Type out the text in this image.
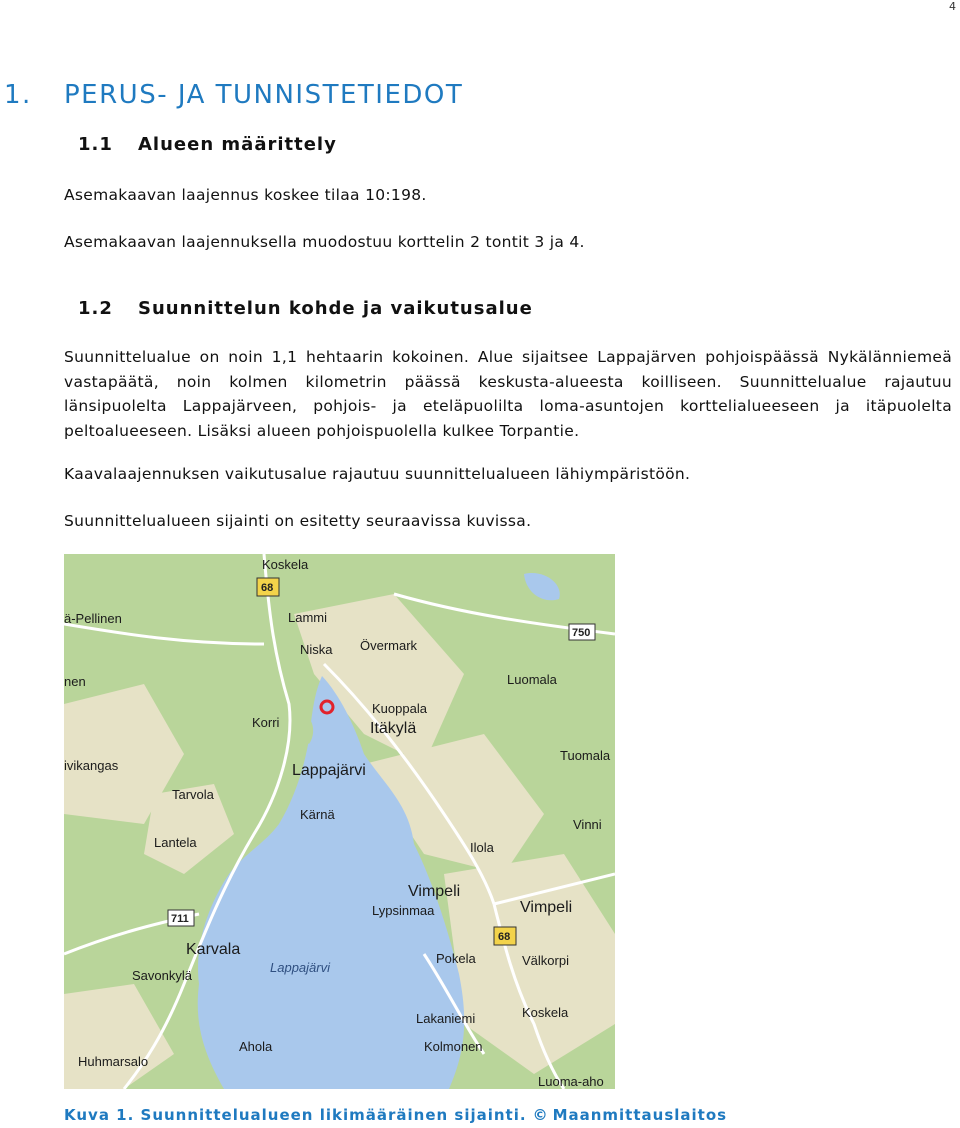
4
1. PERUS- JA TUNNISTETIEDOT
1.1 Alueen määrittely

Asemakaavan laajennus koskee tilaa 10:198.

Asemakaavan laajennuksella muodostuu korttelin 2 tontit 3 ja 4.

1.2 Suunnittelun kohde ja vaikutusalue

Suunnittelualue on noin 1,1 hehtaarin kokoinen. Alue sijaitsee Lappajärven pohjoispäässä Nykälänniemeä vastapäätä, noin kolmen kilometrin päässä keskusta-alueesta koilliseen. Suunnittelualue rajautuu länsipuolelta Lappajärveen, pohjois- ja eteläpuolilta loma-asuntojen korttelialueeseen ja itäpuolelta peltoalueeseen. Lisäksi alueen pohjoispuolella kulkee Torpantie.

Kaavalaajennuksen vaikutusalue rajautuu suunnittelualueen lähiympäristöön.

Suunnittelualueen sijainti on esitetty seuraavissa kuvissa.

68
750
711
68
Koskela
ä-Pellinen	Lammi
Niska Övermark
nen	Luomala
Kuoppala
Korri	Itäkylä
ivikangas	Lappajärvi
Tuomala
Tarvola
Kärnä
Vinni
Lantela	Ilola
Vimpeli
Lypsinmaa	Vimpeli
Karvala
Savonkylä
Lappajärvi
Pokela	Välkorpi
Koskela
Lakaniemi
Ahola	Kolmonen
Huhmarsalo
Luoma-aho
Kuva 1. Suunnittelualueen likimääräinen sijainti. © Maanmittauslaitos
